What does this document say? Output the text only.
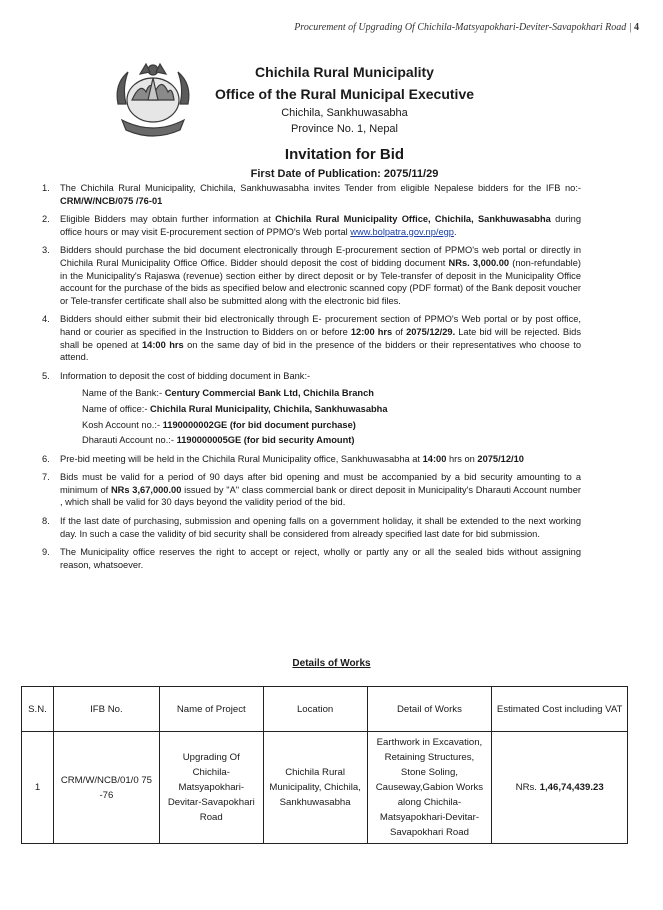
Procurement of Upgrading Of Chichila-Matsyapokhari-Deviter-Savapokhari Road | 4
Chichila Rural Municipality
Office of the Rural Municipal Executive
Chichila, Sankhuwasabha
Province No. 1, Nepal
Invitation for Bid
First Date of Publication: 2075/11/29
1. The Chichila Rural Municipality, Chichila, Sankhuwasabha invites Tender from eligible Nepalese bidders for the IFB no:- CRM/W/NCB/075 /76-01
2. Eligible Bidders may obtain further information at Chichila Rural Municipality Office, Chichila, Sankhuwasabha during office hours or may visit E-procurement section of PPMO's Web portal www.bolpatra.gov.np/egp.
3. Bidders should purchase the bid document electronically through E-procurement section of PPMO's web portal or directly in Chichila Rural Municipality Office Office. Bidder should deposit the cost of bidding document NRs. 3,000.00 (non-refundable) in the Municipality's Rajaswa (revenue) section either by direct deposit or by Tele-transfer of deposit in the Municipality Office account for the purchase of the bids as specified below and electronic scanned copy (PDF format) of the Bank deposit voucher or Tele-transfer certificate shall also be submitted along with the electronic bid files.
4. Bidders should either submit their bid electronically through E- procurement section of PPMO's Web portal or by post office, hand or courier as specified in the Instruction to Bidders on or before 12:00 hrs of 2075/12/29. Late bid will be rejected. Bids shall be opened at 14:00 hrs on the same day of bid in the presence of the bidders or their representatives who choose to attend.
5. Information to deposit the cost of bidding document in Bank:-
Name of the Bank:- Century Commercial Bank Ltd, Chichila Branch
Name of office:- Chichila Rural Municipality, Chichila, Sankhuwasabha
Kosh Account no.:- 1190000002GE (for bid document purchase)
Dharauti Account no.:- 1190000005GE (for bid security Amount)
6. Pre-bid meeting will be held in the Chichila Rural Municipality office, Sankhuwasabha at 14:00 hrs on 2075/12/10
7. Bids must be valid for a period of 90 days after bid opening and must be accompanied by a bid security amounting to a minimum of NRs 3,67,000.00 issued by "A" class commercial bank or direct deposit in Municipality's Dharauti Account number , which shall be valid for 30 days beyond the validity period of the bid.
8. If the last date of purchasing, submission and opening falls on a government holiday, it shall be extended to the next working day. In such a case the validity of bid security shall be considered from already specified last date for bid submission.
9. The Municipality office reserves the right to accept or reject, wholly or partly any or all the sealed bids without assigning reason, whatsoever.
Details of Works
S.N.	IFB No.	Name of Project	Location	Detail of Works	Estimated Cost including VAT
1	CRM/W/NCB/01/0 75 -76	Upgrading Of Chichila-Matsyapokhari-Devitar-Savapokhari Road	Chichila Rural Municipality, Chichila, Sankhuwasabha	Earthwork in Excavation, Retaining Structures, Stone Soling, Causeway,Gabion Works along Chichila-Matsyapokhari-Devitar-Savapokhari Road	NRs. 1,46,74,439.23
